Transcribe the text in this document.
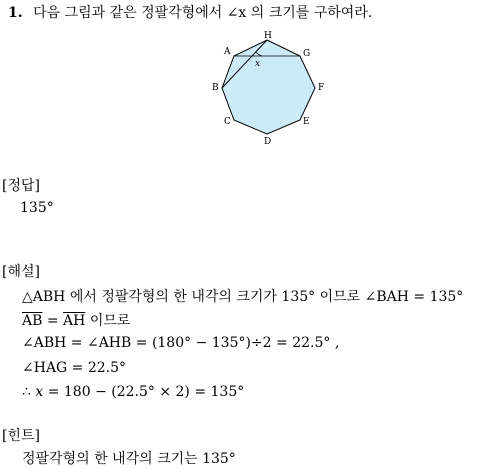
1. 다음 그림과 같은 정팔각형에서 ∠x 의 크기를 구하여라.
H
G
F
E
D
C
B
A
x
[정답]
135°
[해설]
△ABH 에서 정팔각형의 한 내각의 크기가 135° 이므로 ∠BAH = 135°
$\overline{AB} = \overline{AH}$ 이므로
∠ABH = ∠AHB = (180° − 135°)÷2 = 22.5° ,
∠HAG = 22.5°
∴ x = 180 − (22.5° × 2) = 135°
[힌트]
정팔각형의 한 내각의 크기는 135°
